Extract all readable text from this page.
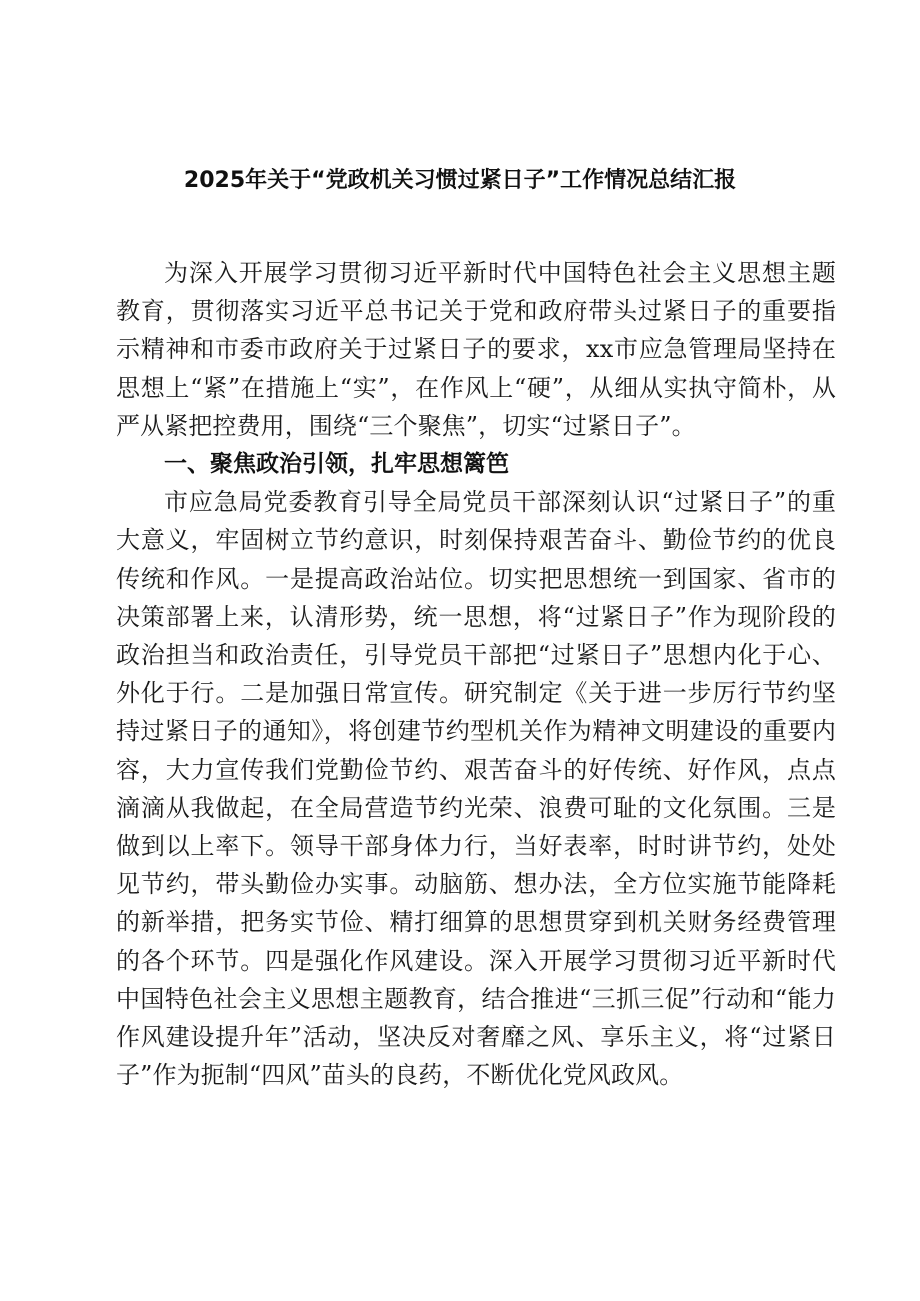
2025年关于“党政机关习惯过紧日子”工作情况总结汇报

为深入开展学习贯彻习近平新时代中国特色社会主义思想主题教育，贯彻落实习近平总书记关于党和政府带头过紧日子的重要指示精神和市委市政府关于过紧日子的要求，xx市应急管理局坚持在思想上“紧”在措施上“实”，在作风上“硬”，从细从实执守简朴，从严从紧把控费用，围绕“三个聚焦”，切实“过紧日子”。

一、聚焦政治引领，扎牢思想篱笆

市应急局党委教育引导全局党员干部深刻认识“过紧日子”的重大意义，牢固树立节约意识，时刻保持艰苦奋斗、勤俭节约的优良传统和作风。一是提高政治站位。切实把思想统一到国家、省市的决策部署上来，认清形势，统一思想，将“过紧日子”作为现阶段的政治担当和政治责任，引导党员干部把“过紧日子”思想内化于心、外化于行。二是加强日常宣传。研究制定《关于进一步厉行节约坚持过紧日子的通知》，将创建节约型机关作为精神文明建设的重要内容，大力宣传我们党勤俭节约、艰苦奋斗的好传统、好作风，点点滴滴从我做起，在全局营造节约光荣、浪费可耻的文化氛围。三是做到以上率下。领导干部身体力行，当好表率，时时讲节约，处处见节约，带头勤俭办实事。动脑筋、想办法，全方位实施节能降耗的新举措，把务实节俭、精打细算的思想贯穿到机关财务经费管理的各个环节。四是强化作风建设。深入开展学习贯彻习近平新时代中国特色社会主义思想主题教育，结合推进“三抓三促”行动和“能力作风建设提升年”活动，坚决反对奢靡之风、享乐主义，将“过紧日子”作为扼制“四风”苗头的良药，不断优化党风政风。
